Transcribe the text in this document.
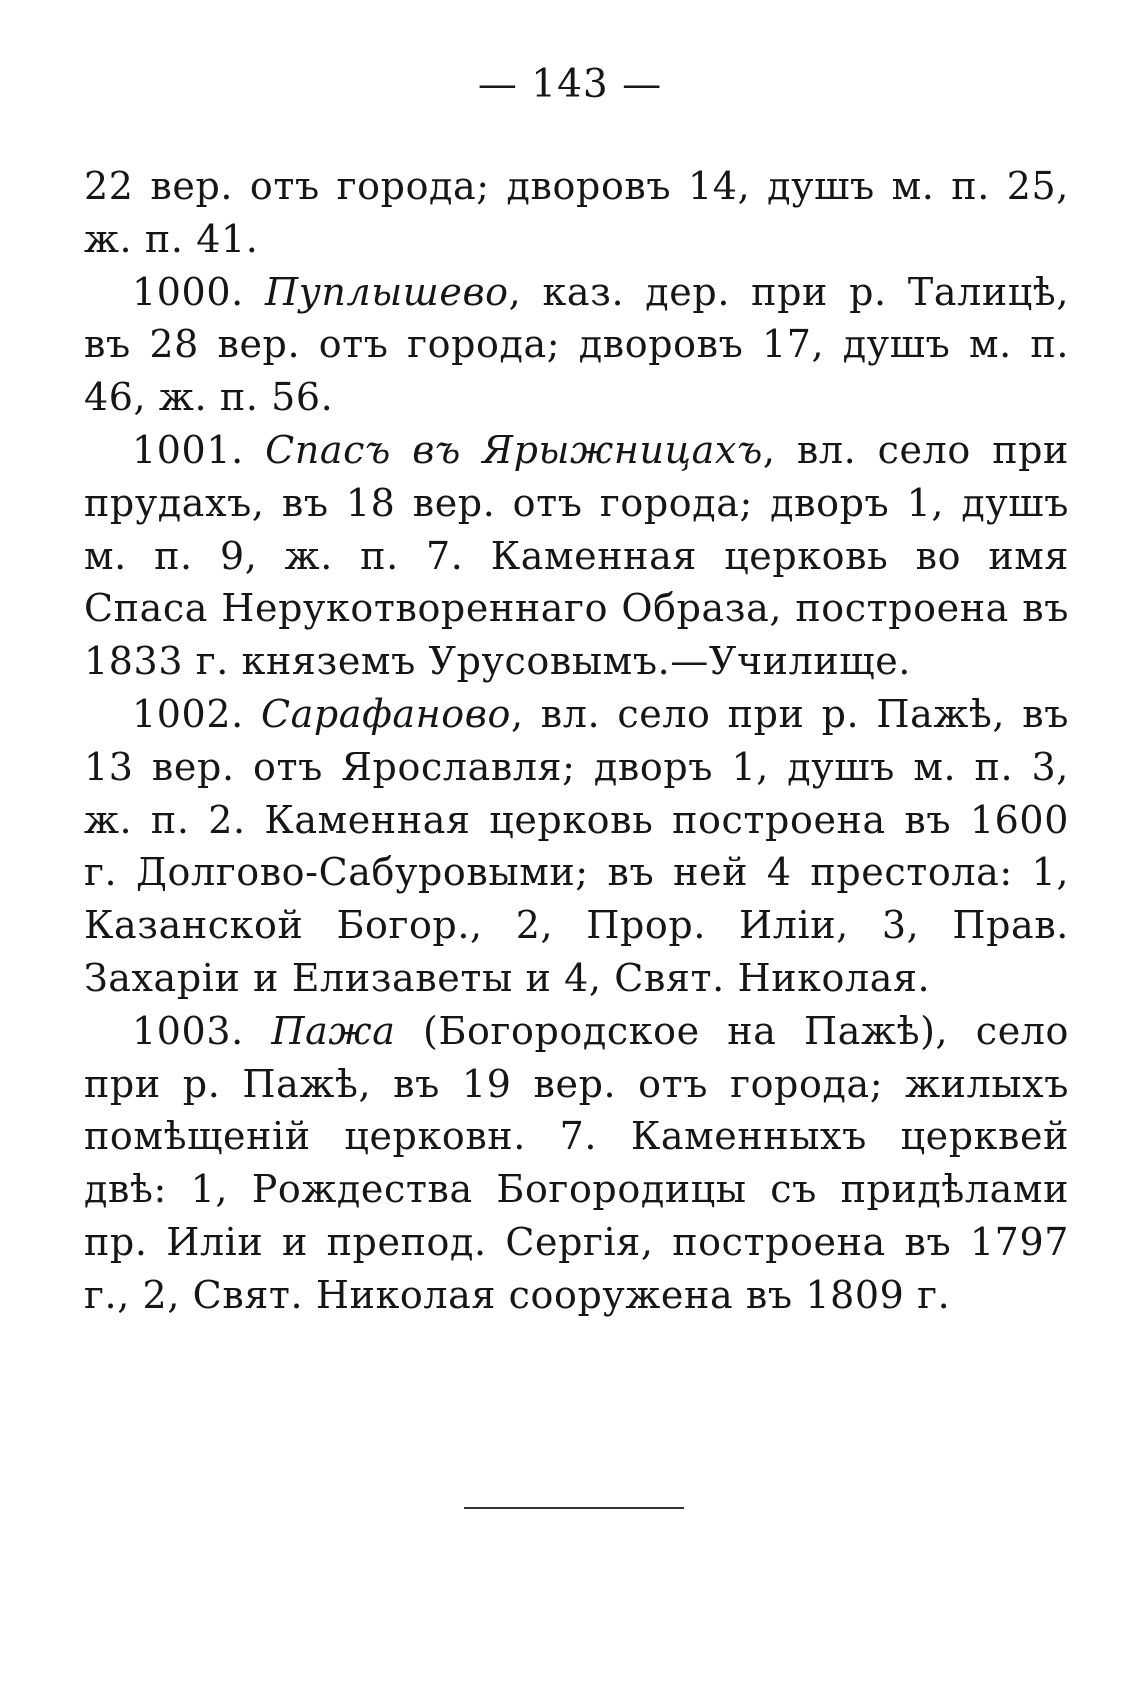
— 143 —

22 вер. отъ города; дворовъ 14, душъ м. п. 25, ж. п. 41.

1000. Пуплышево, каз. дер. при р. Талицѣ, въ 28 вер. отъ города; дворовъ 17, душъ м. п. 46, ж. п. 56.

1001. Спасъ въ Ярыжницахъ, вл. село при прудахъ, въ 18 вер. отъ города; дворъ 1, душъ м. п. 9, ж. п. 7. Каменная церковь во имя Спаса Нерукотвореннаго Образа, построена въ 1833 г. княземъ Урусовымъ.—Училище.

1002. Сарафаново, вл. село при р. Пажѣ, въ 13 вер. отъ Ярославля; дворъ 1, душъ м. п. 3, ж. п. 2. Каменная церковь построена въ 1600 г. Долгово-Сабуровыми; въ ней 4 престола: 1, Казанской Богор., 2, Прор. Иліи, 3, Прав. Захаріи и Елизаветы и 4, Свят. Николая.

1003. Пажа (Богородское на Пажѣ), село при р. Пажѣ, въ 19 вер. отъ города; жилыхъ помѣщеній церковн. 7. Каменныхъ церквей двѣ: 1, Рождества Богородицы съ придѣлами пр. Иліи и препод. Сергія, построена въ 1797 г., 2, Свят. Николая сооружена въ 1809 г.
